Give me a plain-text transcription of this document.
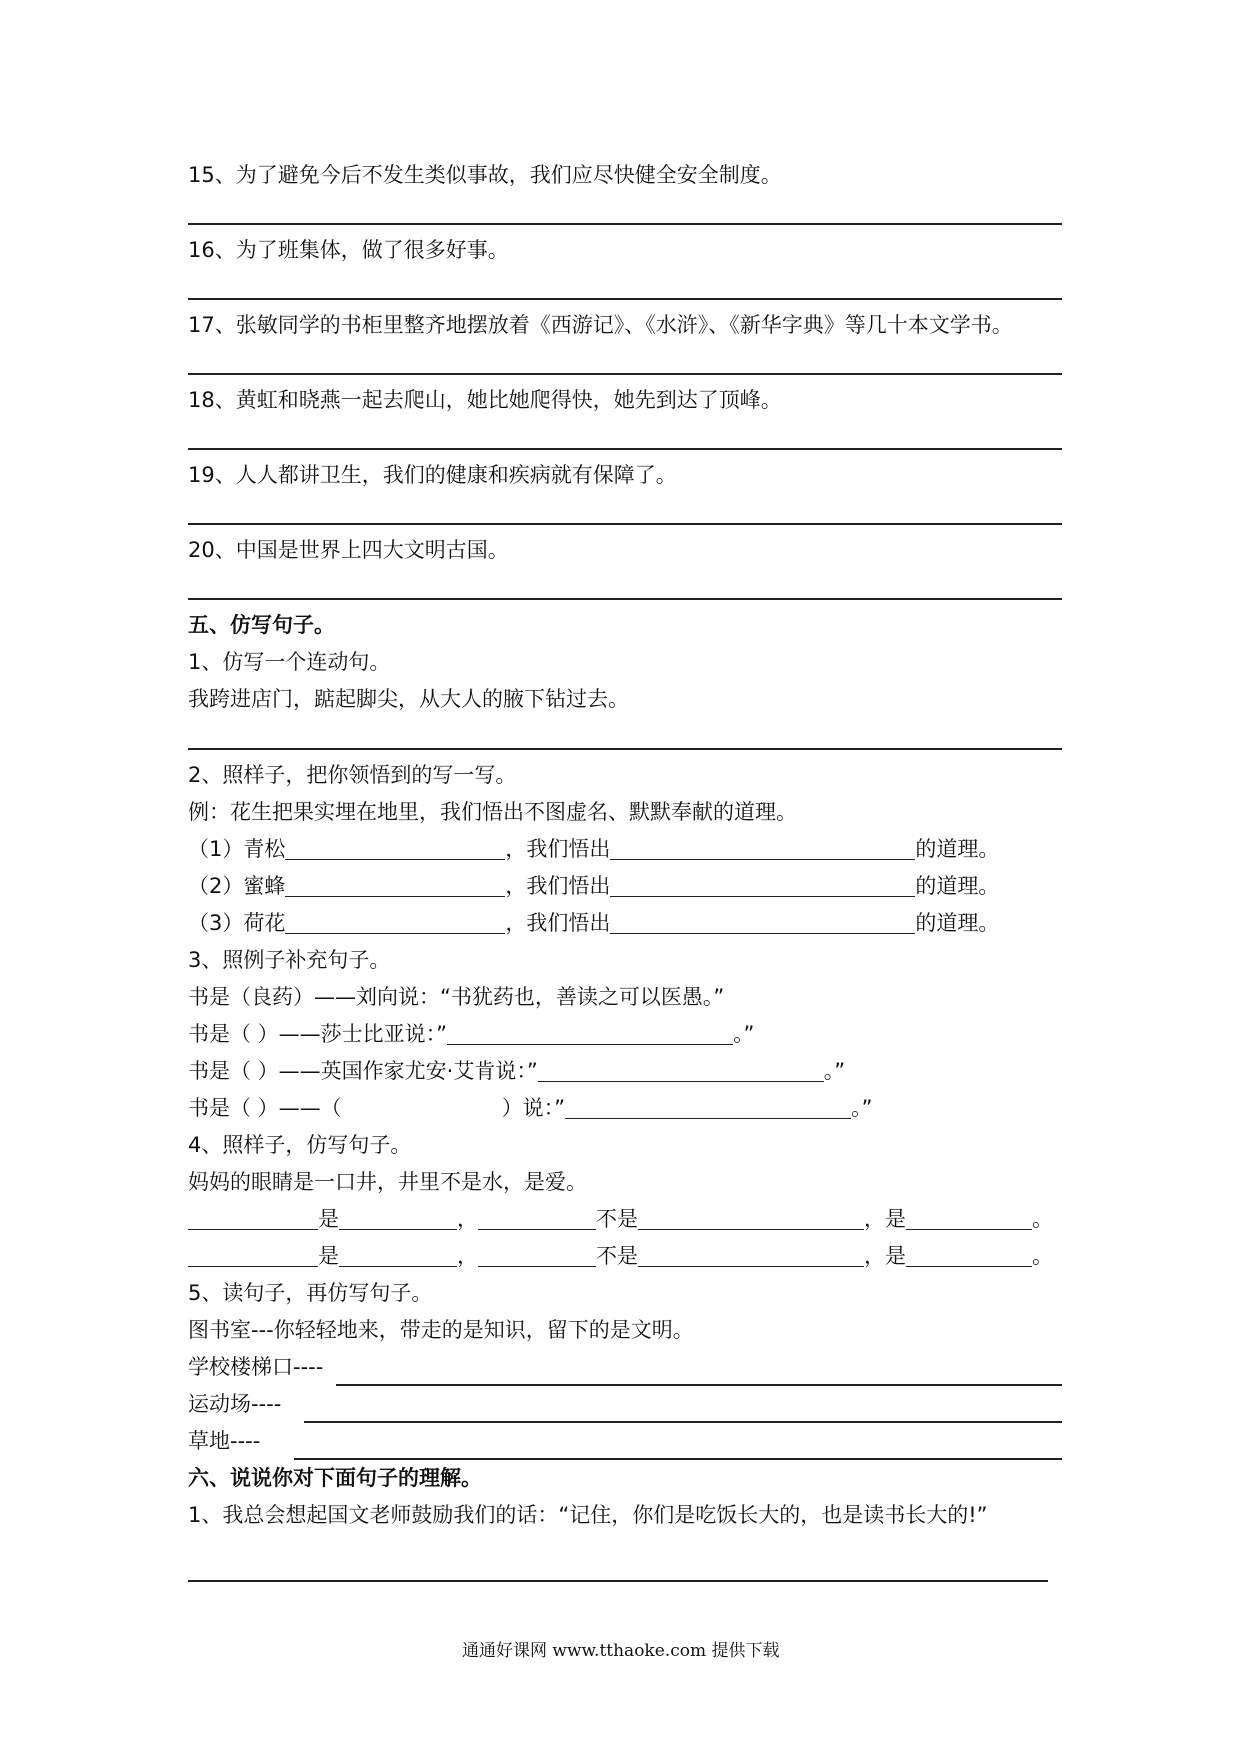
15、为了避免今后不发生类似事故，我们应尽快健全安全制度。
16、为了班集体，做了很多好事。
17、张敏同学的书柜里整齐地摆放着《西游记》、《水浒》、《新华字典》等几十本文学书。
18、黄虹和晓燕一起去爬山，她比她爬得快，她先到达了顶峰。
19、人人都讲卫生，我们的健康和疾病就有保障了。
20、中国是世界上四大文明古国。
五、仿写句子。
1、仿写一个连动句。
我跨进店门，踮起脚尖，从大人的腋下钻过去。
2、照样子，把你领悟到的写一写。
例：花生把果实埋在地里，我们悟出不图虚名、默默奉献的道理。
（1）青松	，我们悟出	的道理。
（2）蜜蜂	，我们悟出	的道理。
（3）荷花	，我们悟出	的道理。
3、照例子补充句子。
书是（良药）——刘向说：“书犹药也，善读之可以医愚。”
书是（ ）——莎士比亚说：”	。”
书是（ ）——英国作家尤安·艾肯说：”	。”
书是（ ）——（	）说：”	。”
4、照样子，仿写句子。
妈妈的眼睛是一口井，井里不是水，是爱。
是	，	不是	，是	。
是	，	不是	，是	。
5、读句子，再仿写句子。
图书室---你轻轻地来，带走的是知识，留下的是文明。
学校楼梯口----
运动场----
草地----
六、说说你对下面句子的理解。
1、我总会想起国文老师鼓励我们的话：“记住，你们是吃饭长大的，也是读书长大的!”
通通好课网 www.tthaoke.com 提供下载
